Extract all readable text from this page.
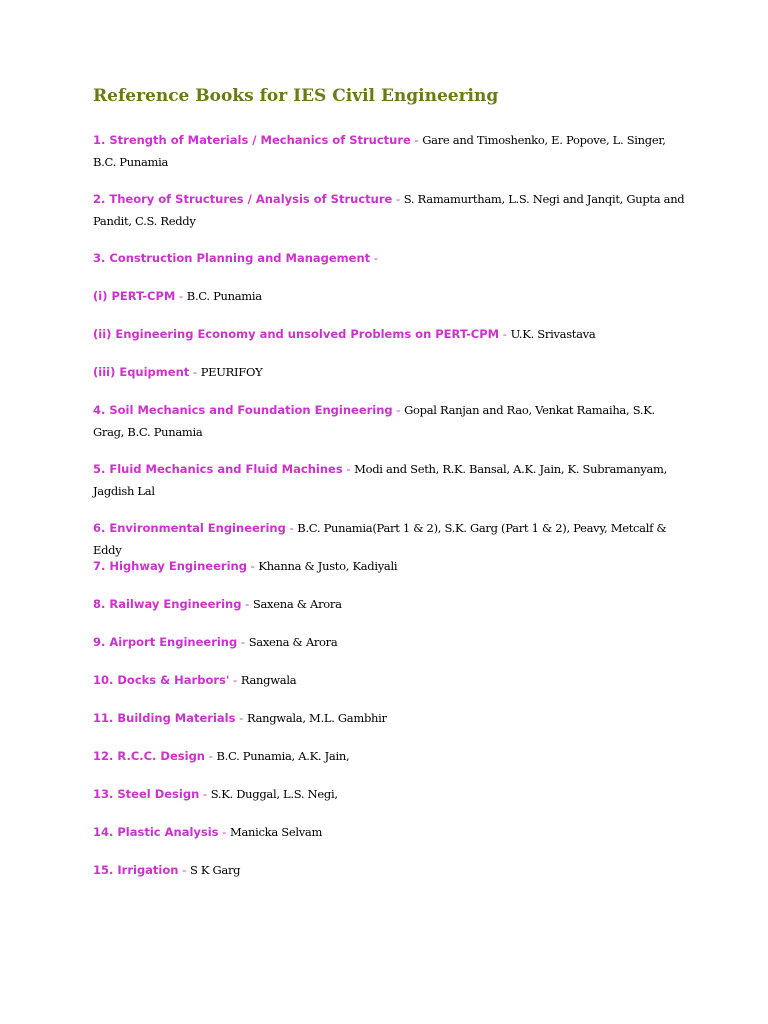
Reference Books for IES Civil Engineering

1. Strength of Materials / Mechanics of Structure - Gare and Timoshenko, E. Popove, L. Singer, B.C. Punamia

2. Theory of Structures / Analysis of Structure - S. Ramamurtham, L.S. Negi and Janqit, Gupta and Pandit, C.S. Reddy

3. Construction Planning and Management -

(i) PERT-CPM - B.C. Punamia

(ii) Engineering Economy and unsolved Problems on PERT-CPM - U.K. Srivastava

(iii) Equipment - PEURIFOY

4. Soil Mechanics and Foundation Engineering - Gopal Ranjan and Rao, Venkat Ramaiha, S.K. Grag, B.C. Punamia

5. Fluid Mechanics and Fluid Machines - Modi and Seth, R.K. Bansal, A.K. Jain, K. Subramanyam, Jagdish Lal

6. Environmental Engineering - B.C. Punamia(Part 1 & 2), S.K. Garg (Part 1 & 2), Peavy, Metcalf & Eddy

7. Highway Engineering - Khanna & Justo, Kadiyali

8. Railway Engineering - Saxena & Arora

9. Airport Engineering - Saxena & Arora

10. Docks & Harbors' - Rangwala

11. Building Materials - Rangwala, M.L. Gambhir

12. R.C.C. Design - B.C. Punamia, A.K. Jain,

13. Steel Design - S.K. Duggal, L.S. Negi,

14. Plastic Analysis - Manicka Selvam

15. Irrigation - S K Garg
